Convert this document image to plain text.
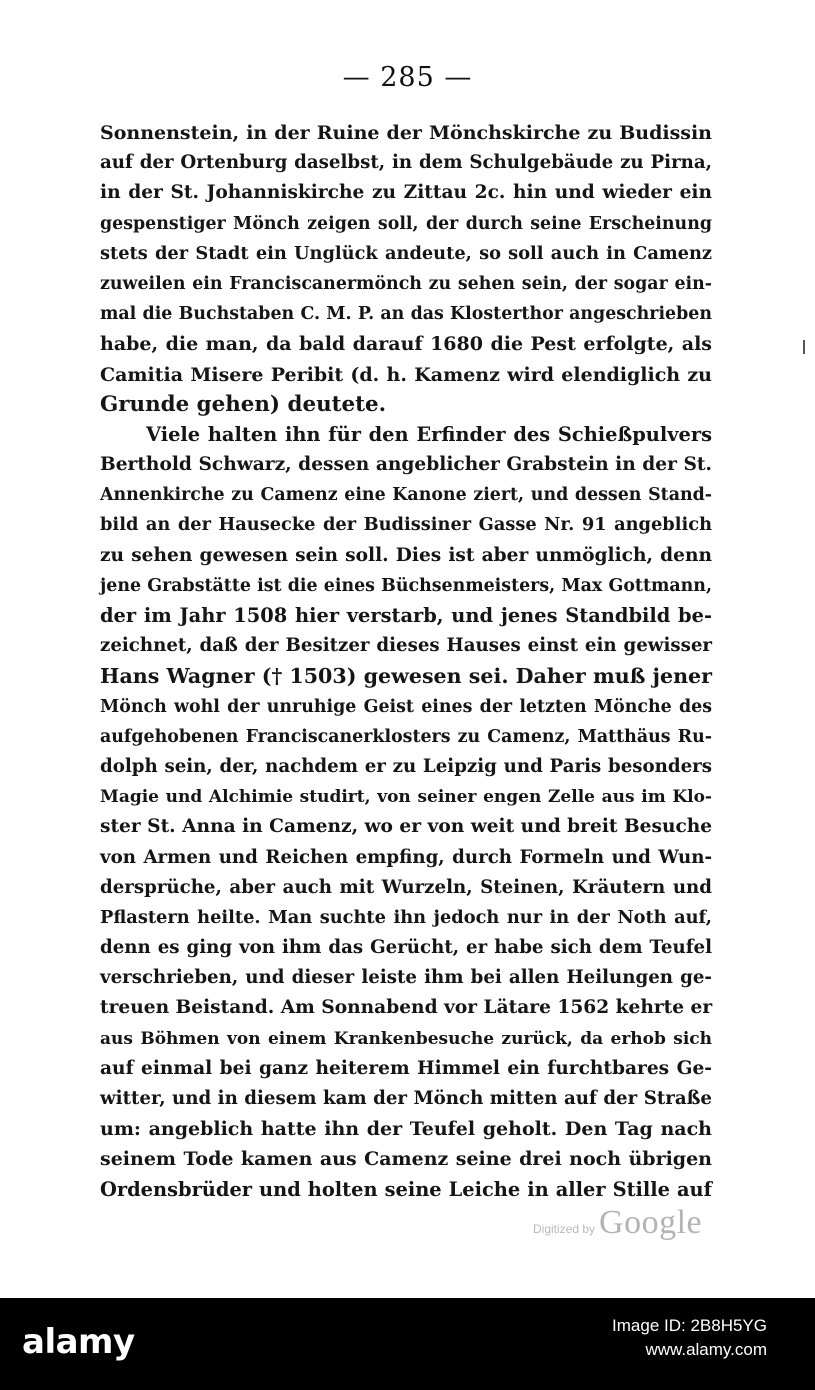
— 285 —
Sonnenstein, in der Ruine der Mönchskirche zu Budissin
auf der Ortenburg daselbst, in dem Schulgebäude zu Pirna,
in der St. Johanniskirche zu Zittau 2c. hin und wieder ein
gespenstiger Mönch zeigen soll, der durch seine Erscheinung
stets der Stadt ein Unglück andeute, so soll auch in Camenz
zuweilen ein Franciscanermönch zu sehen sein, der sogar ein-
mal die Buchstaben C. M. P. an das Klosterthor angeschrieben
habe, die man, da bald darauf 1680 die Pest erfolgte, als
Camitia Misere Peribit (d. h. Kamenz wird elendiglich zu
Grunde gehen) deutete.
Viele halten ihn für den Erfinder des Schießpulvers
Berthold Schwarz, dessen angeblicher Grabstein in der St.
Annenkirche zu Camenz eine Kanone ziert, und dessen Stand-
bild an der Hausecke der Budissiner Gasse Nr. 91 angeblich
zu sehen gewesen sein soll. Dies ist aber unmöglich, denn
jene Grabstätte ist die eines Büchsenmeisters, Max Gottmann,
der im Jahr 1508 hier verstarb, und jenes Standbild be-
zeichnet, daß der Besitzer dieses Hauses einst ein gewisser
Hans Wagner († 1503) gewesen sei. Daher muß jener
Mönch wohl der unruhige Geist eines der letzten Mönche des
aufgehobenen Franciscanerklosters zu Camenz, Matthäus Ru-
dolph sein, der, nachdem er zu Leipzig und Paris besonders
Magie und Alchimie studirt, von seiner engen Zelle aus im Klo-
ster St. Anna in Camenz, wo er von weit und breit Besuche
von Armen und Reichen empfing, durch Formeln und Wun-
dersprüche, aber auch mit Wurzeln, Steinen, Kräutern und
Pflastern heilte. Man suchte ihn jedoch nur in der Noth auf,
denn es ging von ihm das Gerücht, er habe sich dem Teufel
verschrieben, und dieser leiste ihm bei allen Heilungen ge-
treuen Beistand. Am Sonnabend vor Lätare 1562 kehrte er
aus Böhmen von einem Krankenbesuche zurück, da erhob sich
auf einmal bei ganz heiterem Himmel ein furchtbares Ge-
witter, und in diesem kam der Mönch mitten auf der Straße
um: angeblich hatte ihn der Teufel geholt. Den Tag nach
seinem Tode kamen aus Camenz seine drei noch übrigen
Ordensbrüder und holten seine Leiche in aller Stille auf
Digitized by Google
alamy	Image ID: 2B8H5YG
www.alamy.com
